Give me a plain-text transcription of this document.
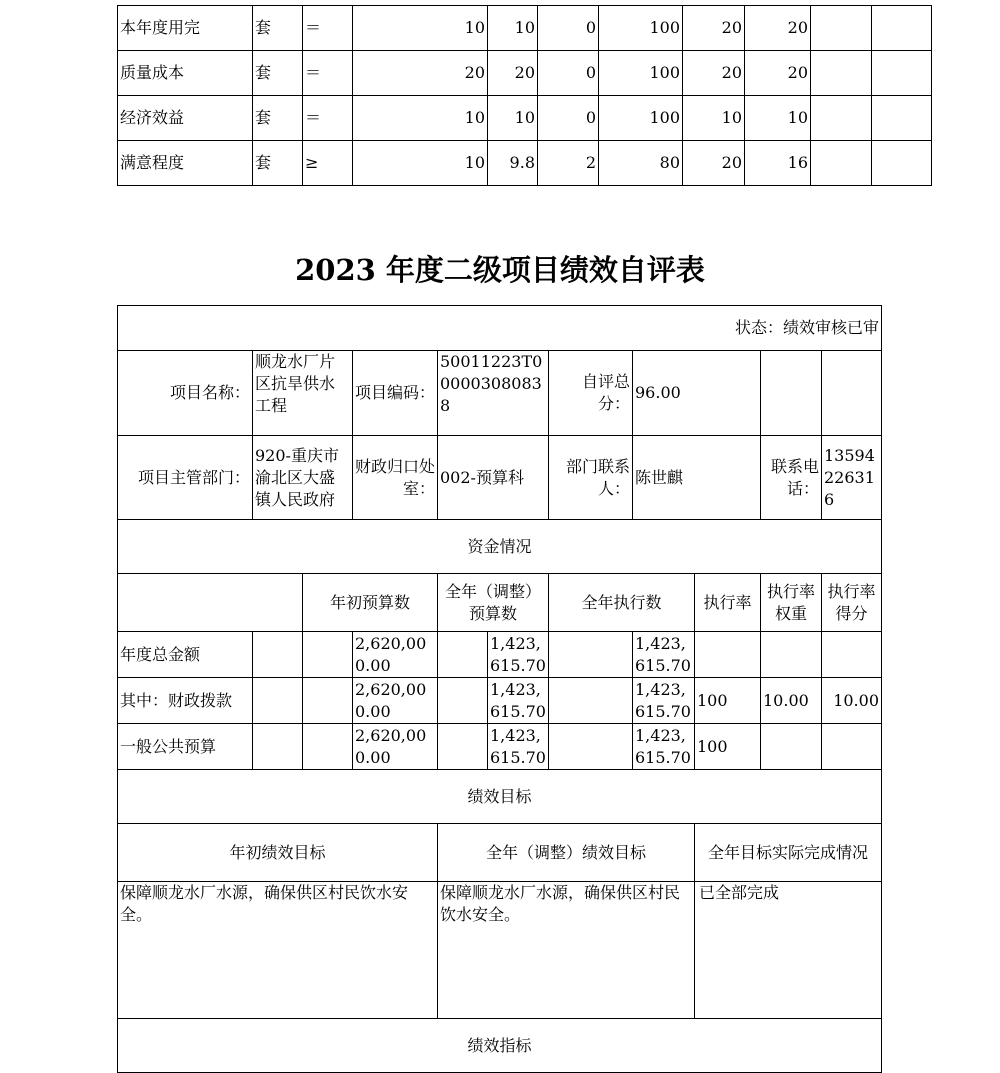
本年度用完	套	＝	10	10	0	100	20	20		
质量成本	套	＝	20	20	0	100	20	20		
经济效益	套	＝	10	10	0	100	10	10		
满意程度	套	≥	10	9.8	2	80	20	16		
2023 年度二级项目绩效自评表
状态：绩效审核已审										
项目名称：	顺龙水厂片区抗旱供水工程		项目编码：	50011223T000003080838		自评总分：	96.00			
项目主管部门：	920-重庆市渝北区大盛镇人民政府		财政归口处室：	002-预算科		部门联系人：	陈世麒		联系电话：	13594226316
资金情况										
		年初预算数		全年（调整）预算数		全年执行数		执行率	执行率权重	执行率得分
年度总金额			2,620,000.00		1,423,615.70		1,423,615.70			
其中：财政拨款			2,620,000.00		1,423,615.70		1,423,615.70	100	10.00	10.00
一般公共预算			2,620,000.00		1,423,615.70		1,423,615.70	100		
绩效目标										
年初绩效目标				全年（调整）绩效目标				全年目标实际完成情况		
保障顺龙水厂水源，确保供区村民饮水安全。				保障顺龙水厂水源，确保供区村民饮水安全。				已全部完成		
绩效指标										
